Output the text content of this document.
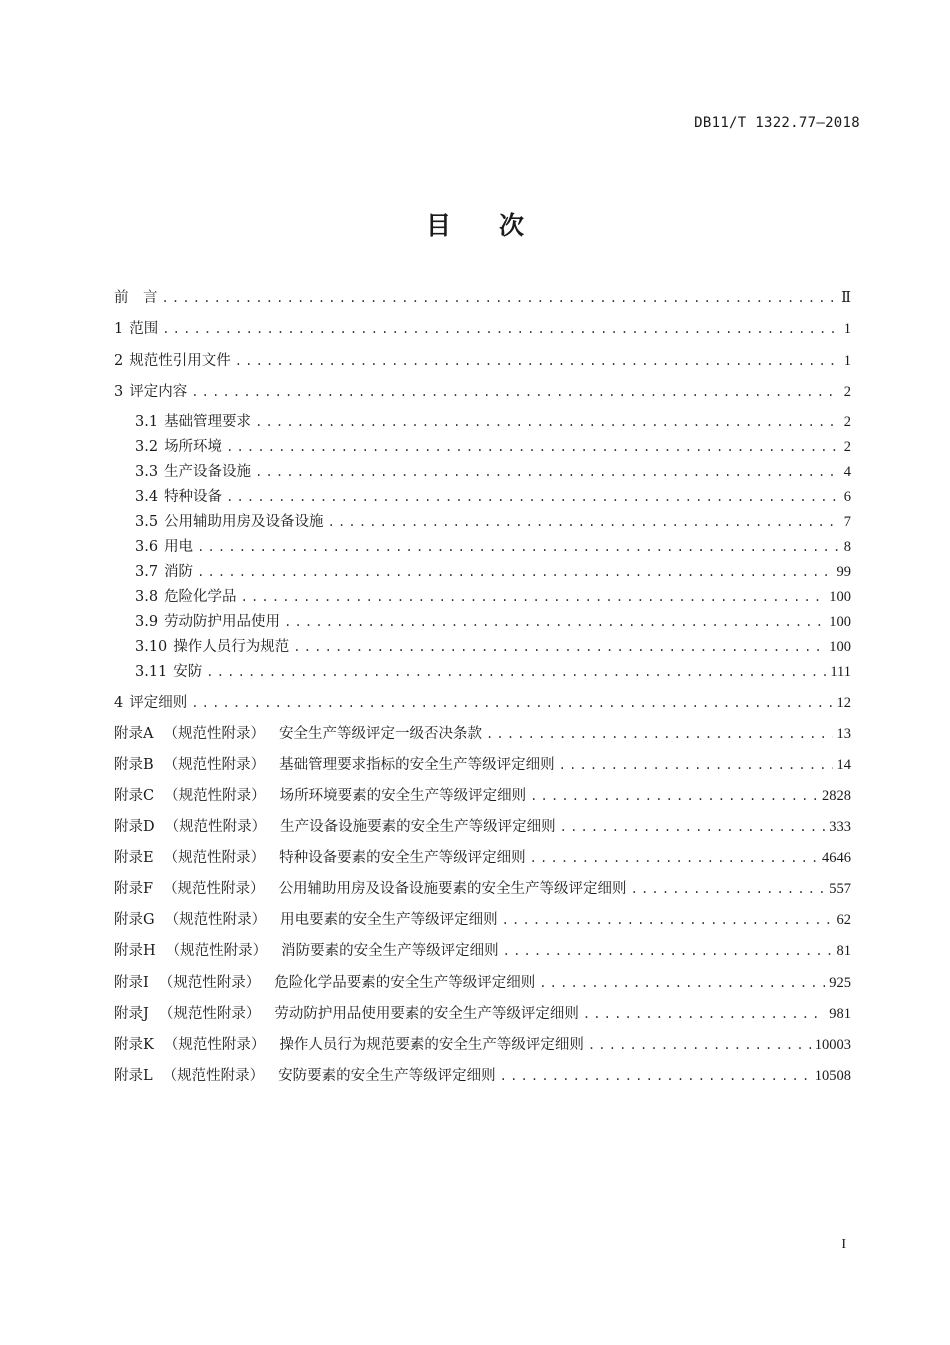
DB11/T 1322.77—2018
目 次
前　言 .....	Ⅱ
1 范围 .....	1
2 规范性引用文件 .....	1
3 评定内容 .....	2
3.1 基础管理要求 .....	2
3.2 场所环境 .....	2
3.3 生产设备设施 .....	4
3.4 特种设备 .....	6
3.5 公用辅助用房及设备设施 .....	7
3.6 用电 .....	8
3.7 消防 .....	99
3.8 危险化学品 .....	100
3.9 劳动防护用品使用 .....	100
3.10 操作人员行为规范 .....	100
3.11 安防 .....	111
4 评定细则 .....	12
附录A （规范性附录） 安全生产等级评定一级否决条款 .....	13
附录B （规范性附录） 基础管理要求指标的安全生产等级评定细则 .....	14
附录C （规范性附录） 场所环境要素的安全生产等级评定细则 .....	2828
附录D （规范性附录） 生产设备设施要素的安全生产等级评定细则 .....	333
附录E （规范性附录） 特种设备要素的安全生产等级评定细则 .....	4646
附录F （规范性附录） 公用辅助用房及设备设施要素的安全生产等级评定细则 .....	557
附录G （规范性附录） 用电要素的安全生产等级评定细则 .....	62
附录H （规范性附录） 消防要素的安全生产等级评定细则 .....	81
附录I （规范性附录） 危险化学品要素的安全生产等级评定细则 .....	925
附录J （规范性附录） 劳动防护用品使用要素的安全生产等级评定细则 .....	981
附录K （规范性附录） 操作人员行为规范要素的安全生产等级评定细则 .....	10003
附录L （规范性附录） 安防要素的安全生产等级评定细则 .....	10508
I
